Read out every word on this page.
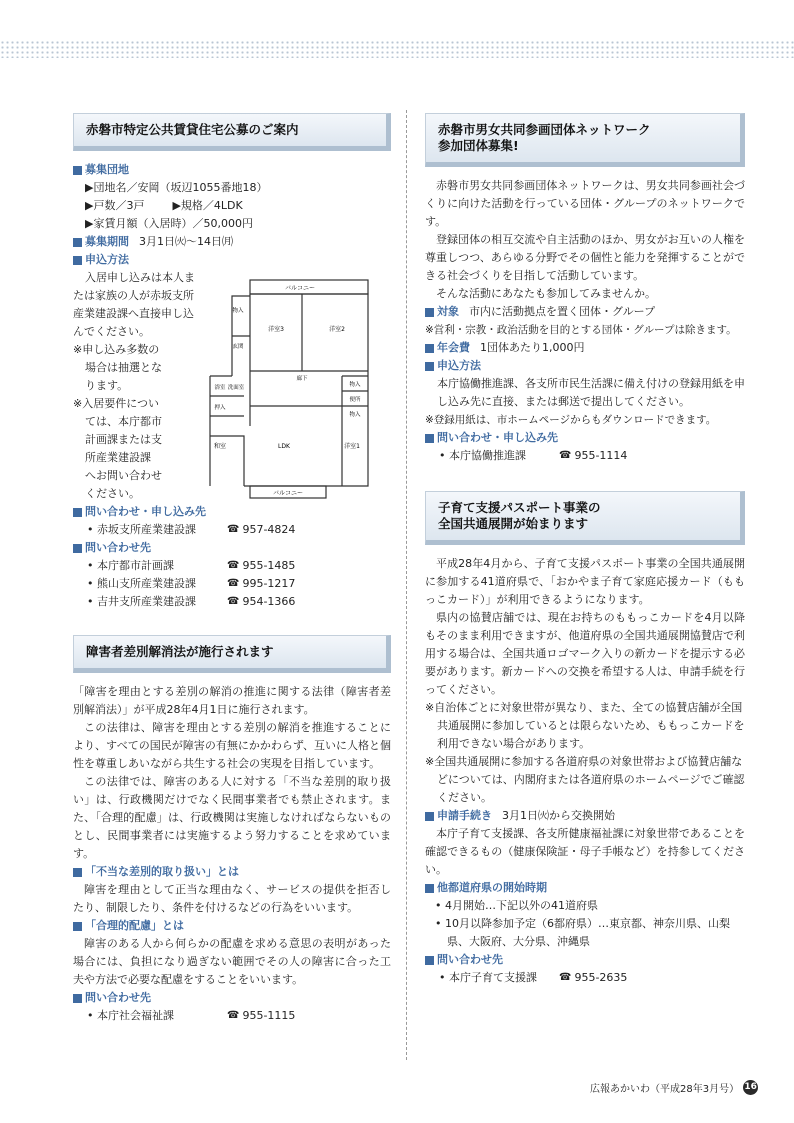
赤磐市特定公共賃貸住宅公募のご案内
募集団地
▶団地名／安岡（坂辺1055番地18）
▶戸数／3戸	▶規格／4LDK
▶家賃月額（入居時）／50,000円
募集期間 3月1日㈫～14日㈪
申込方法
入居申し込みは本人ま
たは家族の人が赤坂支所
産業建設課へ直接申し込
んでください。
※申し込み多数の
場合は抽選とな
ります。
※入居要件につい
ては、本庁都市
計画課または支
所産業建設課
へお問い合わせ
ください。
問い合わせ・申し込み先
• 赤坂支所産業建設課	☎ 957-4824
問い合わせ先
• 本庁都市計画課	☎ 955-1485
• 熊山支所産業建設課	☎ 995-1217
• 吉井支所産業建設課	☎ 954-1366
障害者差別解消法が施行されます

「障害を理由とする差別の解消の推進に関する法律（障害者差別解消法）」が平成28年4月1日に施行されます。

この法律は、障害を理由とする差別の解消を推進することにより、すべての国民が障害の有無にかかわらず、互いに人格と個性を尊重しあいながら共生する社会の実現を目指しています。

この法律では、障害のある人に対する「不当な差別的取り扱い」は、行政機関だけでなく民間事業者でも禁止されます。また、「合理的配慮」は、行政機関は実施しなければならないものとし、民間事業者には実施するよう努力することを求めています。

「不当な差別的取り扱い」とは

障害を理由として正当な理由なく、サービスの提供を拒否したり、制限したり、条件を付けるなどの行為をいいます。

「合理的配慮」とは

障害のある人から何らかの配慮を求める意思の表明があった場合には、負担になり過ぎない範囲でその人の障害に合った工夫や方法で必要な配慮をすることをいいます。

問い合わせ先
• 本庁社会福祉課	☎ 955-1115
バルコニー
バルコニー
物入
洋室3	洋室2
玄関
浴室 洗面室
廊下
物入
便所
物入
押入
和室	LDK	洋室1
赤磐市男女共同参画団体ネットワーク
参加団体募集!

赤磐市男女共同参画団体ネットワークは、男女共同参画社会づくりに向けた活動を行っている団体・グループのネットワークです。

登録団体の相互交流や自主活動のほか、男女がお互いの人権を尊重しつつ、あらゆる分野でその個性と能力を発揮することができる社会づくりを目指して活動しています。

そんな活動にあなたも参加してみませんか。

対象 市内に活動拠点を置く団体・グループ
※営利・宗教・政治活動を目的とする団体・グループは除きます。
年会費 1団体あたり1,000円
申込方法
本庁協働推進課、各支所市民生活課に備え付けの登録用紙を申し込み先に直接、または郵送で提出してください。
※登録用紙は、市ホームページからもダウンロードできます。
問い合わせ・申し込み先
• 本庁協働推進課	☎ 955-1114
子育て支援パスポート事業の
全国共通展開が始まります

平成28年4月から、子育て支援パスポート事業の全国共通展開に参加する41道府県で、「おかやま子育て家庭応援カード（ももっこカード）」が利用できるようになります。

県内の協賛店舗では、現在お持ちのももっこカードを4月以降もそのまま利用できますが、他道府県の全国共通展開協賛店で利用する場合は、全国共通ロゴマーク入りの新カードを提示する必要があります。新カードへの交換を希望する人は、申請手続を行ってください。

※自治体ごとに対象世帯が異なり、また、全ての協賛店舗が全国共通展開に参加しているとは限らないため、ももっこカードを利用できない場合があります。
※全国共通展開に参加する各道府県の対象世帯および協賛店舗などについては、内閣府または各道府県のホームページでご確認ください。
申請手続き 3月1日㈫から交換開始

本庁子育て支援課、各支所健康福祉課に対象世帯であることを確認できるもの（健康保険証・母子手帳など）を持参してください。

他都道府県の開始時期
• 4月開始…下記以外の41道府県
• 10月以降参加予定（6都府県）…東京都、神奈川県、山梨県、大阪府、大分県、沖縄県
問い合わせ先
• 本庁子育て支援課	☎ 955-2635
広報あかいわ（平成28年3月号） 16
